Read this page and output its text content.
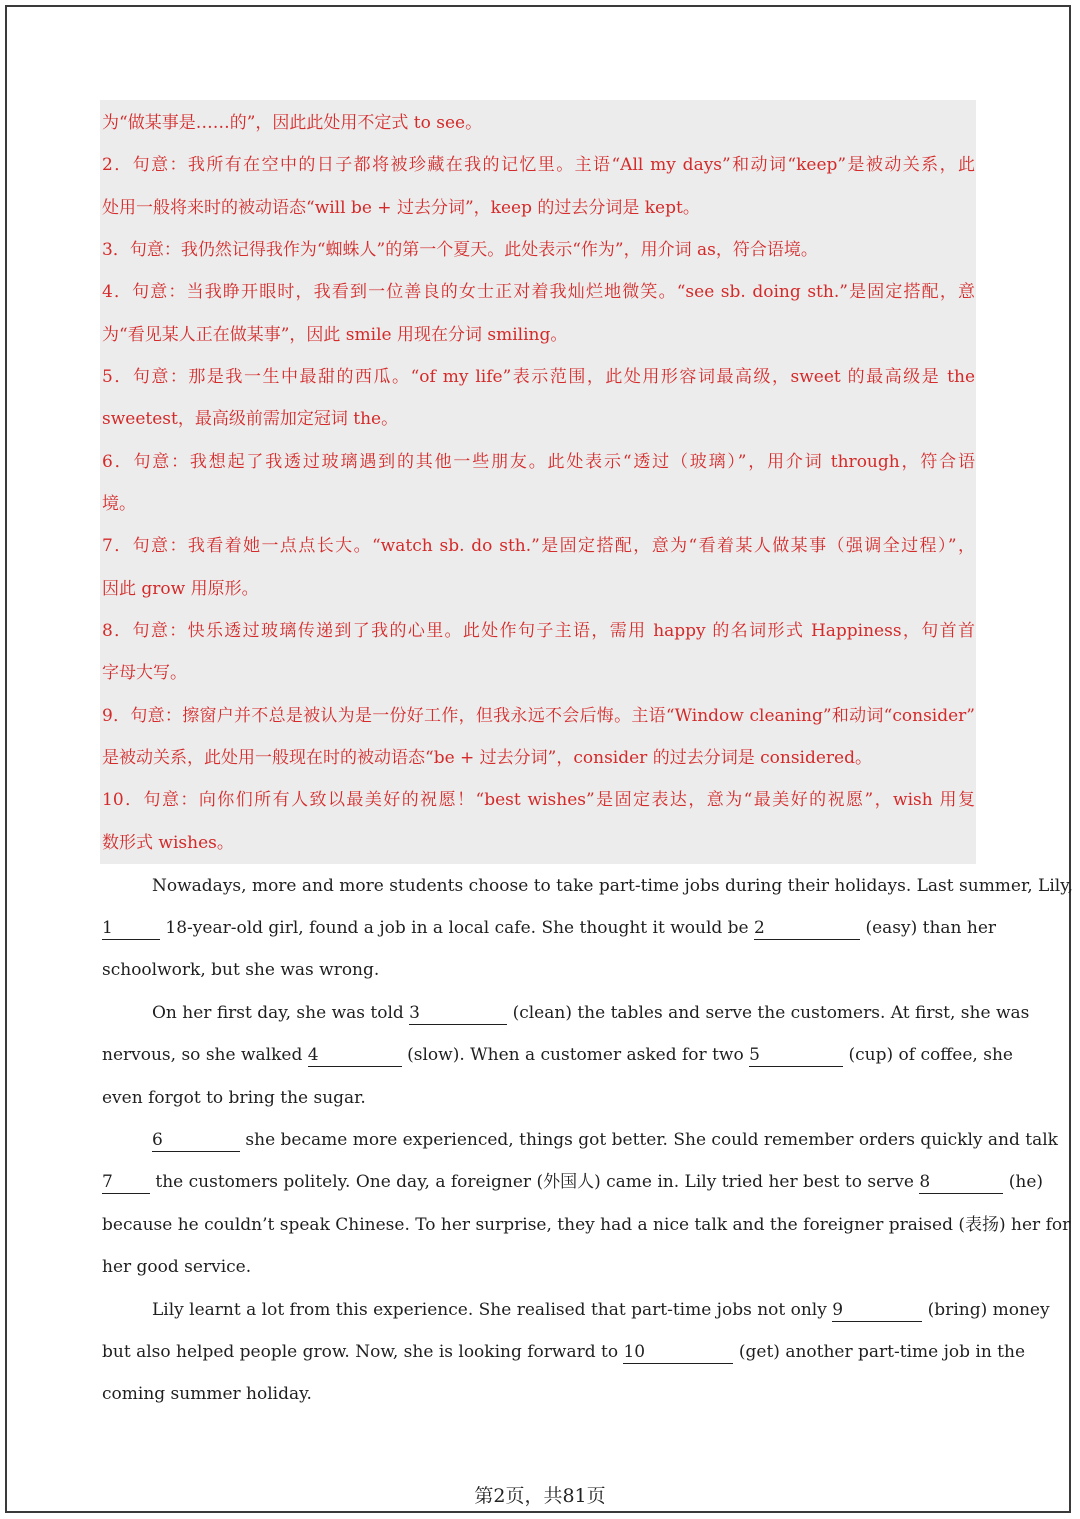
为“做某事是……的”，因此此处用不定式 to see。
2．句意：我所有在空中的日子都将被珍藏在我的记忆里。主语“All my days”和动词“keep”是被动关系，此
处用一般将来时的被动语态“will be + 过去分词”，keep 的过去分词是 kept。
3．句意：我仍然记得我作为“蜘蛛人”的第一个夏天。此处表示“作为”，用介词 as，符合语境。
4．句意：当我睁开眼时，我看到一位善良的女士正对着我灿烂地微笑。“see sb. doing sth.”是固定搭配，意
为“看见某人正在做某事”，因此 smile 用现在分词 smiling。
5．句意：那是我一生中最甜的西瓜。“of my life”表示范围，此处用形容词最高级，sweet 的最高级是 the
sweetest，最高级前需加定冠词 the。
6．句意：我想起了我透过玻璃遇到的其他一些朋友。此处表示“透过（玻璃）”，用介词 through，符合语
境。
7．句意：我看着她一点点长大。“watch sb. do sth.”是固定搭配，意为“看着某人做某事（强调全过程）”，
因此 grow 用原形。
8．句意：快乐透过玻璃传递到了我的心里。此处作句子主语，需用 happy 的名词形式 Happiness，句首首
字母大写。
9．句意：擦窗户并不总是被认为是一份好工作，但我永远不会后悔。主语“Window cleaning”和动词“consider”
是被动关系，此处用一般现在时的被动语态“be + 过去分词”，consider 的过去分词是 considered。
10．句意：向你们所有人致以最美好的祝愿！“best wishes”是固定表达，意为“最美好的祝愿”，wish 用复
数形式 wishes。
Nowadays, more and more students choose to take part-time jobs during their holidays. Last summer, Lily,
1	18-year-old girl, found a job in a local cafe. She thought it would be 2	(easy) than her
schoolwork, but she was wrong.
On her first day, she was told 3	(clean) the tables and serve the customers. At first, she was
nervous, so she walked 4	(slow). When a customer asked for two 5	(cup) of coffee, she
even forgot to bring the sugar.
6	she became more experienced, things got better. She could remember orders quickly and talk
7	the customers politely. One day, a foreigner (外国人) came in. Lily tried her best to serve 8	(he)
because he couldn’t speak Chinese. To her surprise, they had a nice talk and the foreigner praised (表扬) her for
her good service.
Lily learnt a lot from this experience. She realised that part-time jobs not only 9	(bring) money
but also helped people grow. Now, she is looking forward to 10	(get) another part-time job in the
coming summer holiday.
第2页，共81页
